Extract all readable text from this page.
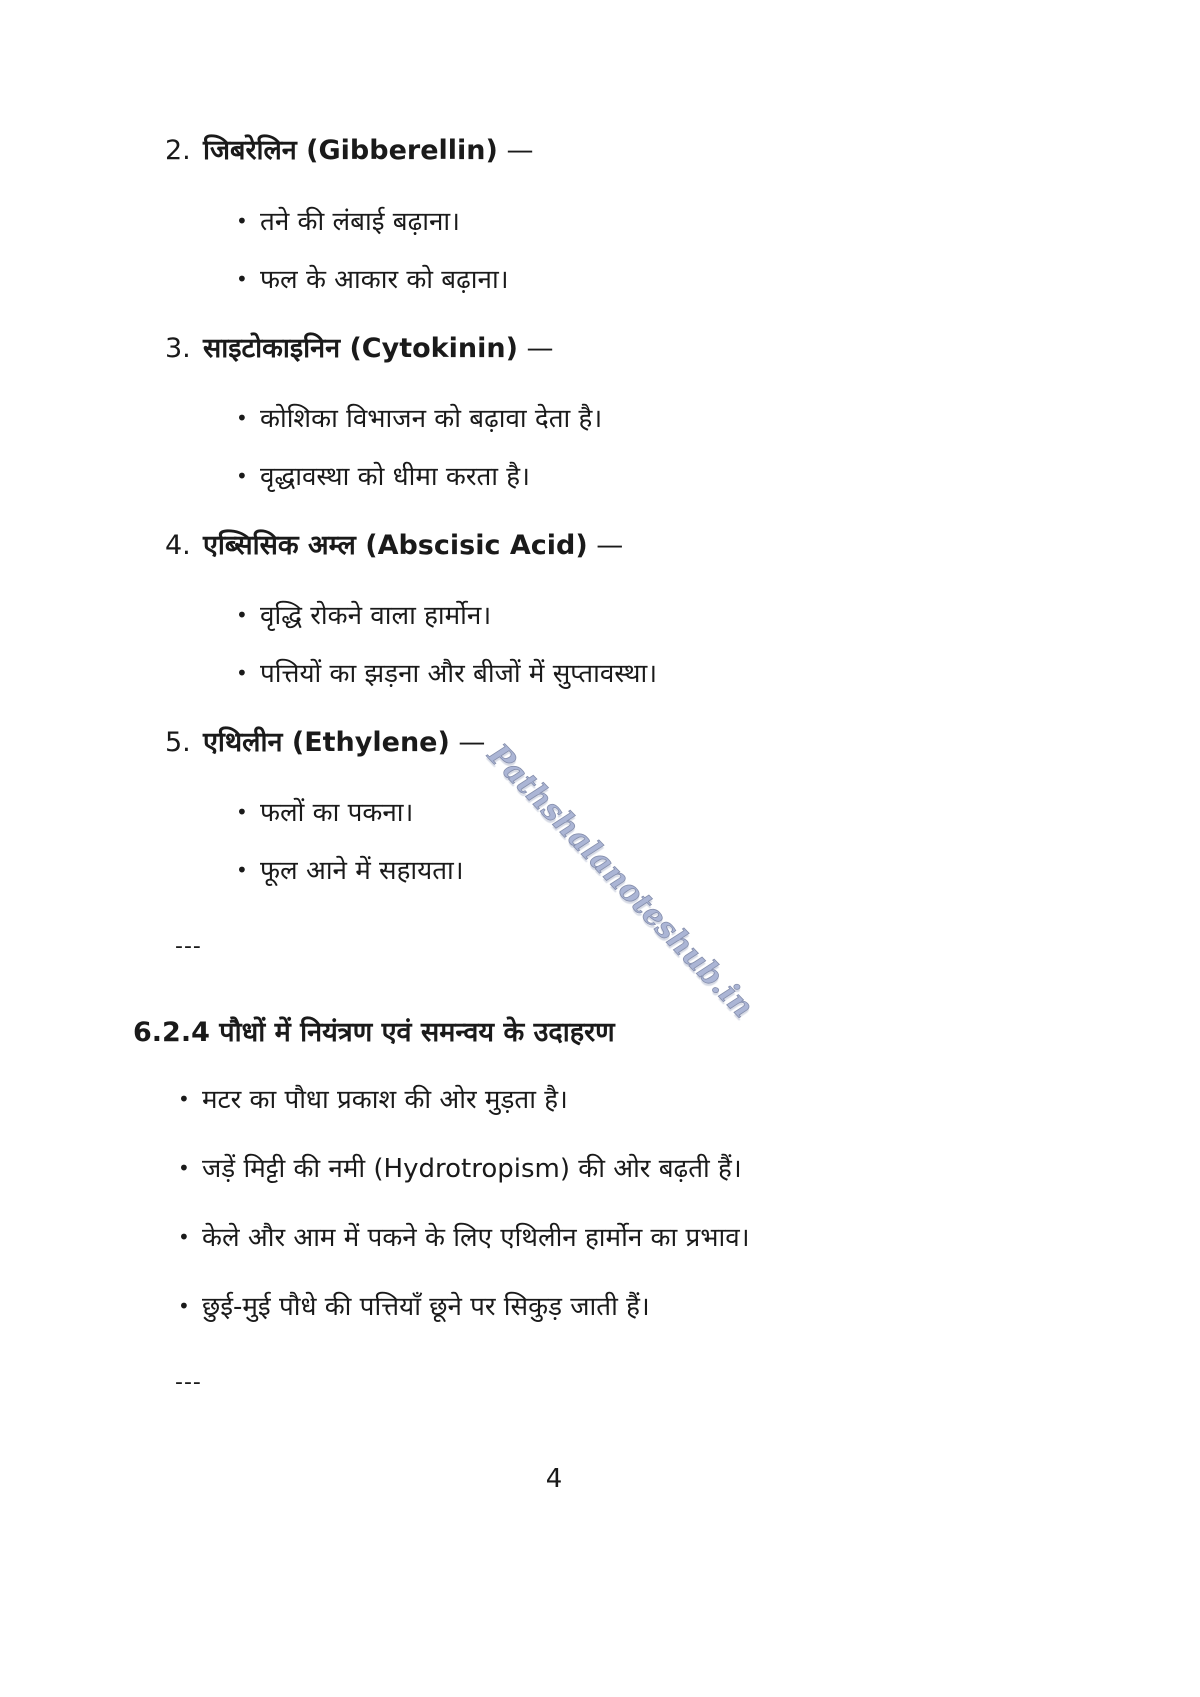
2. जिबरेलिन (Gibberellin) —
• तने की लंबाई बढ़ाना।
• फल के आकार को बढ़ाना।
3. साइटोकाइनिन (Cytokinin) —
• कोशिका विभाजन को बढ़ावा देता है।
• वृद्धावस्था को धीमा करता है।
4. एब्सिसिक अम्ल (Abscisic Acid) —
• वृद्धि रोकने वाला हार्मोन।
• पत्तियों का झड़ना और बीजों में सुप्तावस्था।
5. एथिलीन (Ethylene) —
• फलों का पकना।
• फूल आने में सहायता।
---
6.2.4 पौधों में नियंत्रण एवं समन्वय के उदाहरण
• मटर का पौधा प्रकाश की ओर मुड़ता है।
• जड़ें मिट्टी की नमी (Hydrotropism) की ओर बढ़ती हैं।
• केले और आम में पकने के लिए एथिलीन हार्मोन का प्रभाव।
• छुई-मुई पौधे की पत्तियाँ छूने पर सिकुड़ जाती हैं।
---
4
Pathshalanoteshub.in
